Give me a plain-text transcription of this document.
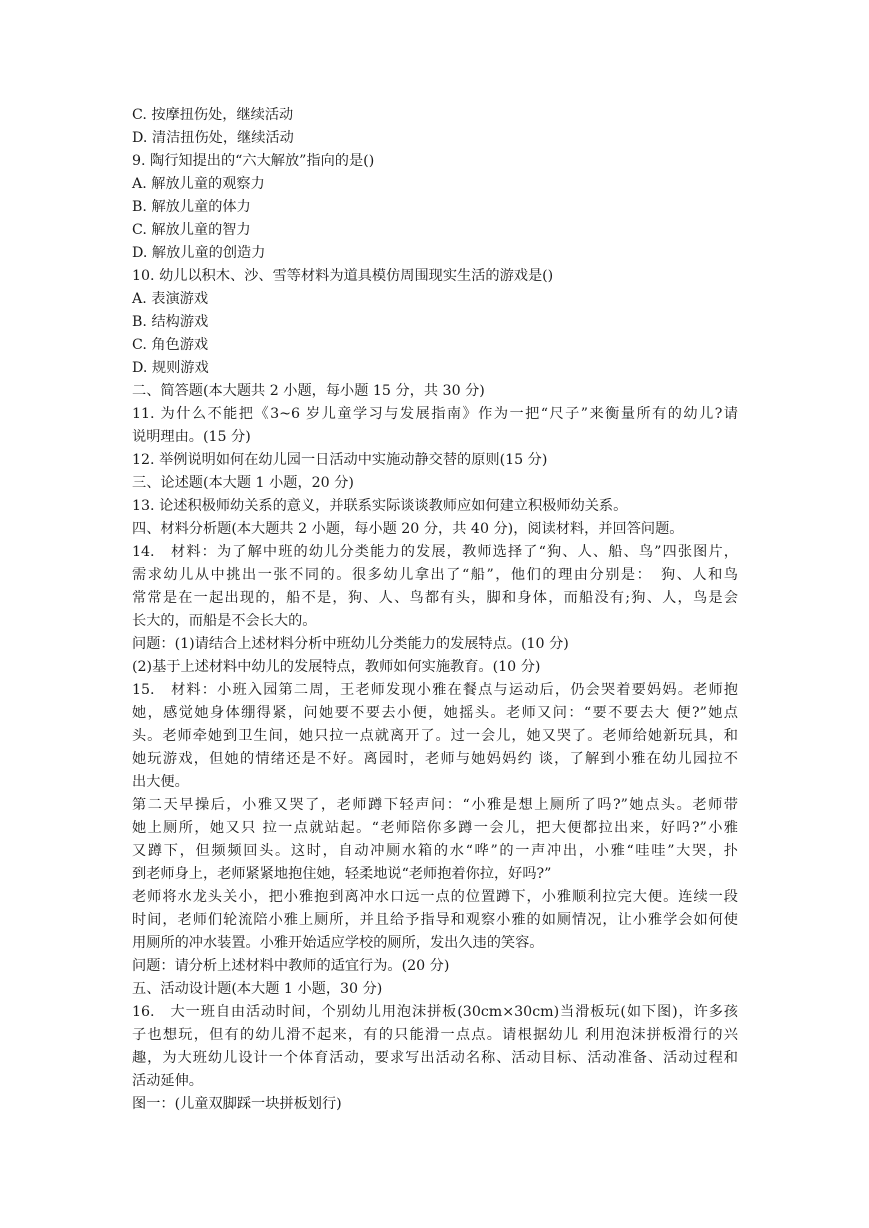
C. 按摩扭伤处，继续活动
D. 清洁扭伤处，继续活动
9. 陶行知提出的“六大解放”指向的是()
A. 解放儿童的观察力
B. 解放儿童的体力
C. 解放儿童的智力
D. 解放儿童的创造力
10. 幼儿以积木、沙、雪等材料为道具模仿周围现实生活的游戏是()
A. 表演游戏
B. 结构游戏
C. 角色游戏
D. 规则游戏
二、简答题(本大题共 2 小题，每小题 15 分，共 30 分)
11. 为什么不能把《3~6 岁儿童学习与发展指南》作为一把“尺子”来衡量所有的幼儿?请
说明理由。(15 分)
12. 举例说明如何在幼儿园一日活动中实施动静交替的原则(15 分)
三、论述题(本大题 1 小题，20 分)
13. 论述积极师幼关系的意义，并联系实际谈谈教师应如何建立积极师幼关系。
四、材料分析题(本大题共 2 小题，每小题 20 分，共 40 分)，阅读材料，并回答问题。
14.　材料：为了解中班的幼儿分类能力的发展，教师选择了“狗、人、船、鸟”四张图片，
需求幼儿从中挑出一张不同的。很多幼儿拿出了“船”，他们的理由分别是：　狗、人和鸟
常常是在一起出现的，船不是，狗、人、鸟都有头，脚和身体，而船没有;狗、人，鸟是会
长大的，而船是不会长大的。
问题：(1)请结合上述材料分析中班幼儿分类能力的发展特点。(10 分)
(2)基于上述材料中幼儿的发展特点，教师如何实施教育。(10 分)
15.　材料：小班入园第二周，王老师发现小雅在餐点与运动后，仍会哭着要妈妈。老师抱
她，感觉她身体绷得紧，问她要不要去小便，她摇头。老师又问：“要不要去大 便?”她点
头。老师牵她到卫生间，她只拉一点就离开了。过一会儿，她又哭了。老师给她新玩具，和
她玩游戏，但她的情绪还是不好。离园时，老师与她妈妈约 谈，了解到小雅在幼儿园拉不
出大便。
第二天早操后，小雅又哭了，老师蹲下轻声问：“小雅是想上厕所了吗?”她点头。老师带
她上厕所，她又只 拉一点就站起。“老师陪你多蹲一会儿，把大便都拉出来，好吗?”小雅
又蹲下，但频频回头。这时，自动冲厕水箱的水“哗”的一声冲出，小雅“哇哇”大哭，扑
到老师身上，老师紧紧地抱住她，轻柔地说“老师抱着你拉，好吗?”
老师将水龙头关小，把小雅抱到离冲水口远一点的位置蹲下，小雅顺利拉完大便。连续一段
时间，老师们轮流陪小雅上厕所，并且给予指导和观察小雅的如厕情况，让小雅学会如何使
用厕所的冲水装置。小雅开始适应学校的厕所，发出久违的笑容。
问题：请分析上述材料中教师的适宜行为。(20 分)
五、活动设计题(本大题 1 小题，30 分)
16.　大一班自由活动时间，个别幼儿用泡沫拼板(30cm×30cm)当滑板玩(如下图)，许多孩
子也想玩，但有的幼儿滑不起来，有的只能滑一点点。请根据幼儿 利用泡沫拼板滑行的兴
趣，为大班幼儿设计一个体育活动，要求写出活动名称、活动目标、活动准备、活动过程和
活动延伸。
图一：(儿童双脚踩一块拼板划行)
